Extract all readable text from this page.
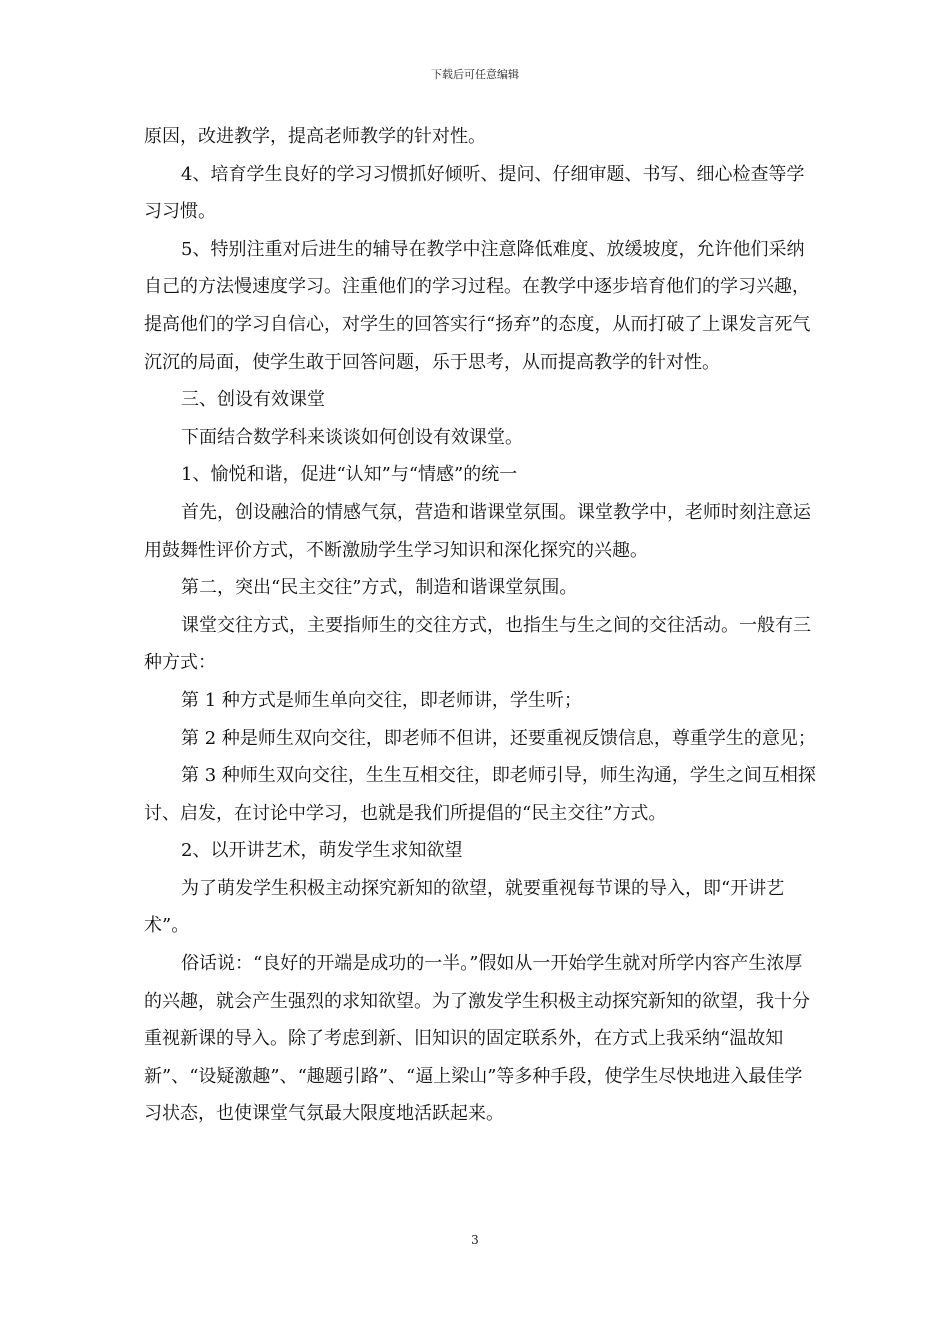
下载后可任意编辑

原因，改进教学，提高老师教学的针对性。

4、培育学生良好的学习习惯抓好倾听、提问、仔细审题、书写、细心检查等学习习惯。

5、特别注重对后进生的辅导在教学中注意降低难度、放缓坡度，允许他们采纳自己的方法慢速度学习。注重他们的学习过程。在教学中逐步培育他们的学习兴趣，提高他们的学习自信心，对学生的回答实行“扬弃”的态度，从而打破了上课发言死气沉沉的局面，使学生敢于回答问题，乐于思考，从而提高教学的针对性。

三、创设有效课堂

下面结合数学科来谈谈如何创设有效课堂。

1、愉悦和谐，促进“认知”与“情感”的统一

首先，创设融洽的情感气氛，营造和谐课堂氛围。课堂教学中，老师时刻注意运用鼓舞性评价方式，不断激励学生学习知识和深化探究的兴趣。

第二，突出“民主交往”方式，制造和谐课堂氛围。

课堂交往方式，主要指师生的交往方式，也指生与生之间的交往活动。一般有三种方式：

第 1 种方式是师生单向交往，即老师讲，学生听；

第 2 种是师生双向交往，即老师不但讲，还要重视反馈信息，尊重学生的意见；

第 3 种师生双向交往，生生互相交往，即老师引导，师生沟通，学生之间互相探讨、启发，在讨论中学习，也就是我们所提倡的“民主交往”方式。

2、以开讲艺术，萌发学生求知欲望

为了萌发学生积极主动探究新知的欲望，就要重视每节课的导入，即“开讲艺术”。

俗话说：“良好的开端是成功的一半。”假如从一开始学生就对所学内容产生浓厚的兴趣，就会产生强烈的求知欲望。为了激发学生积极主动探究新知的欲望，我十分重视新课的导入。除了考虑到新、旧知识的固定联系外，在方式上我采纳“温故知新”、“设疑激趣”、“趣题引路”、“逼上梁山”等多种手段，使学生尽快地进入最佳学习状态，也使课堂气氛最大限度地活跃起来。

3
